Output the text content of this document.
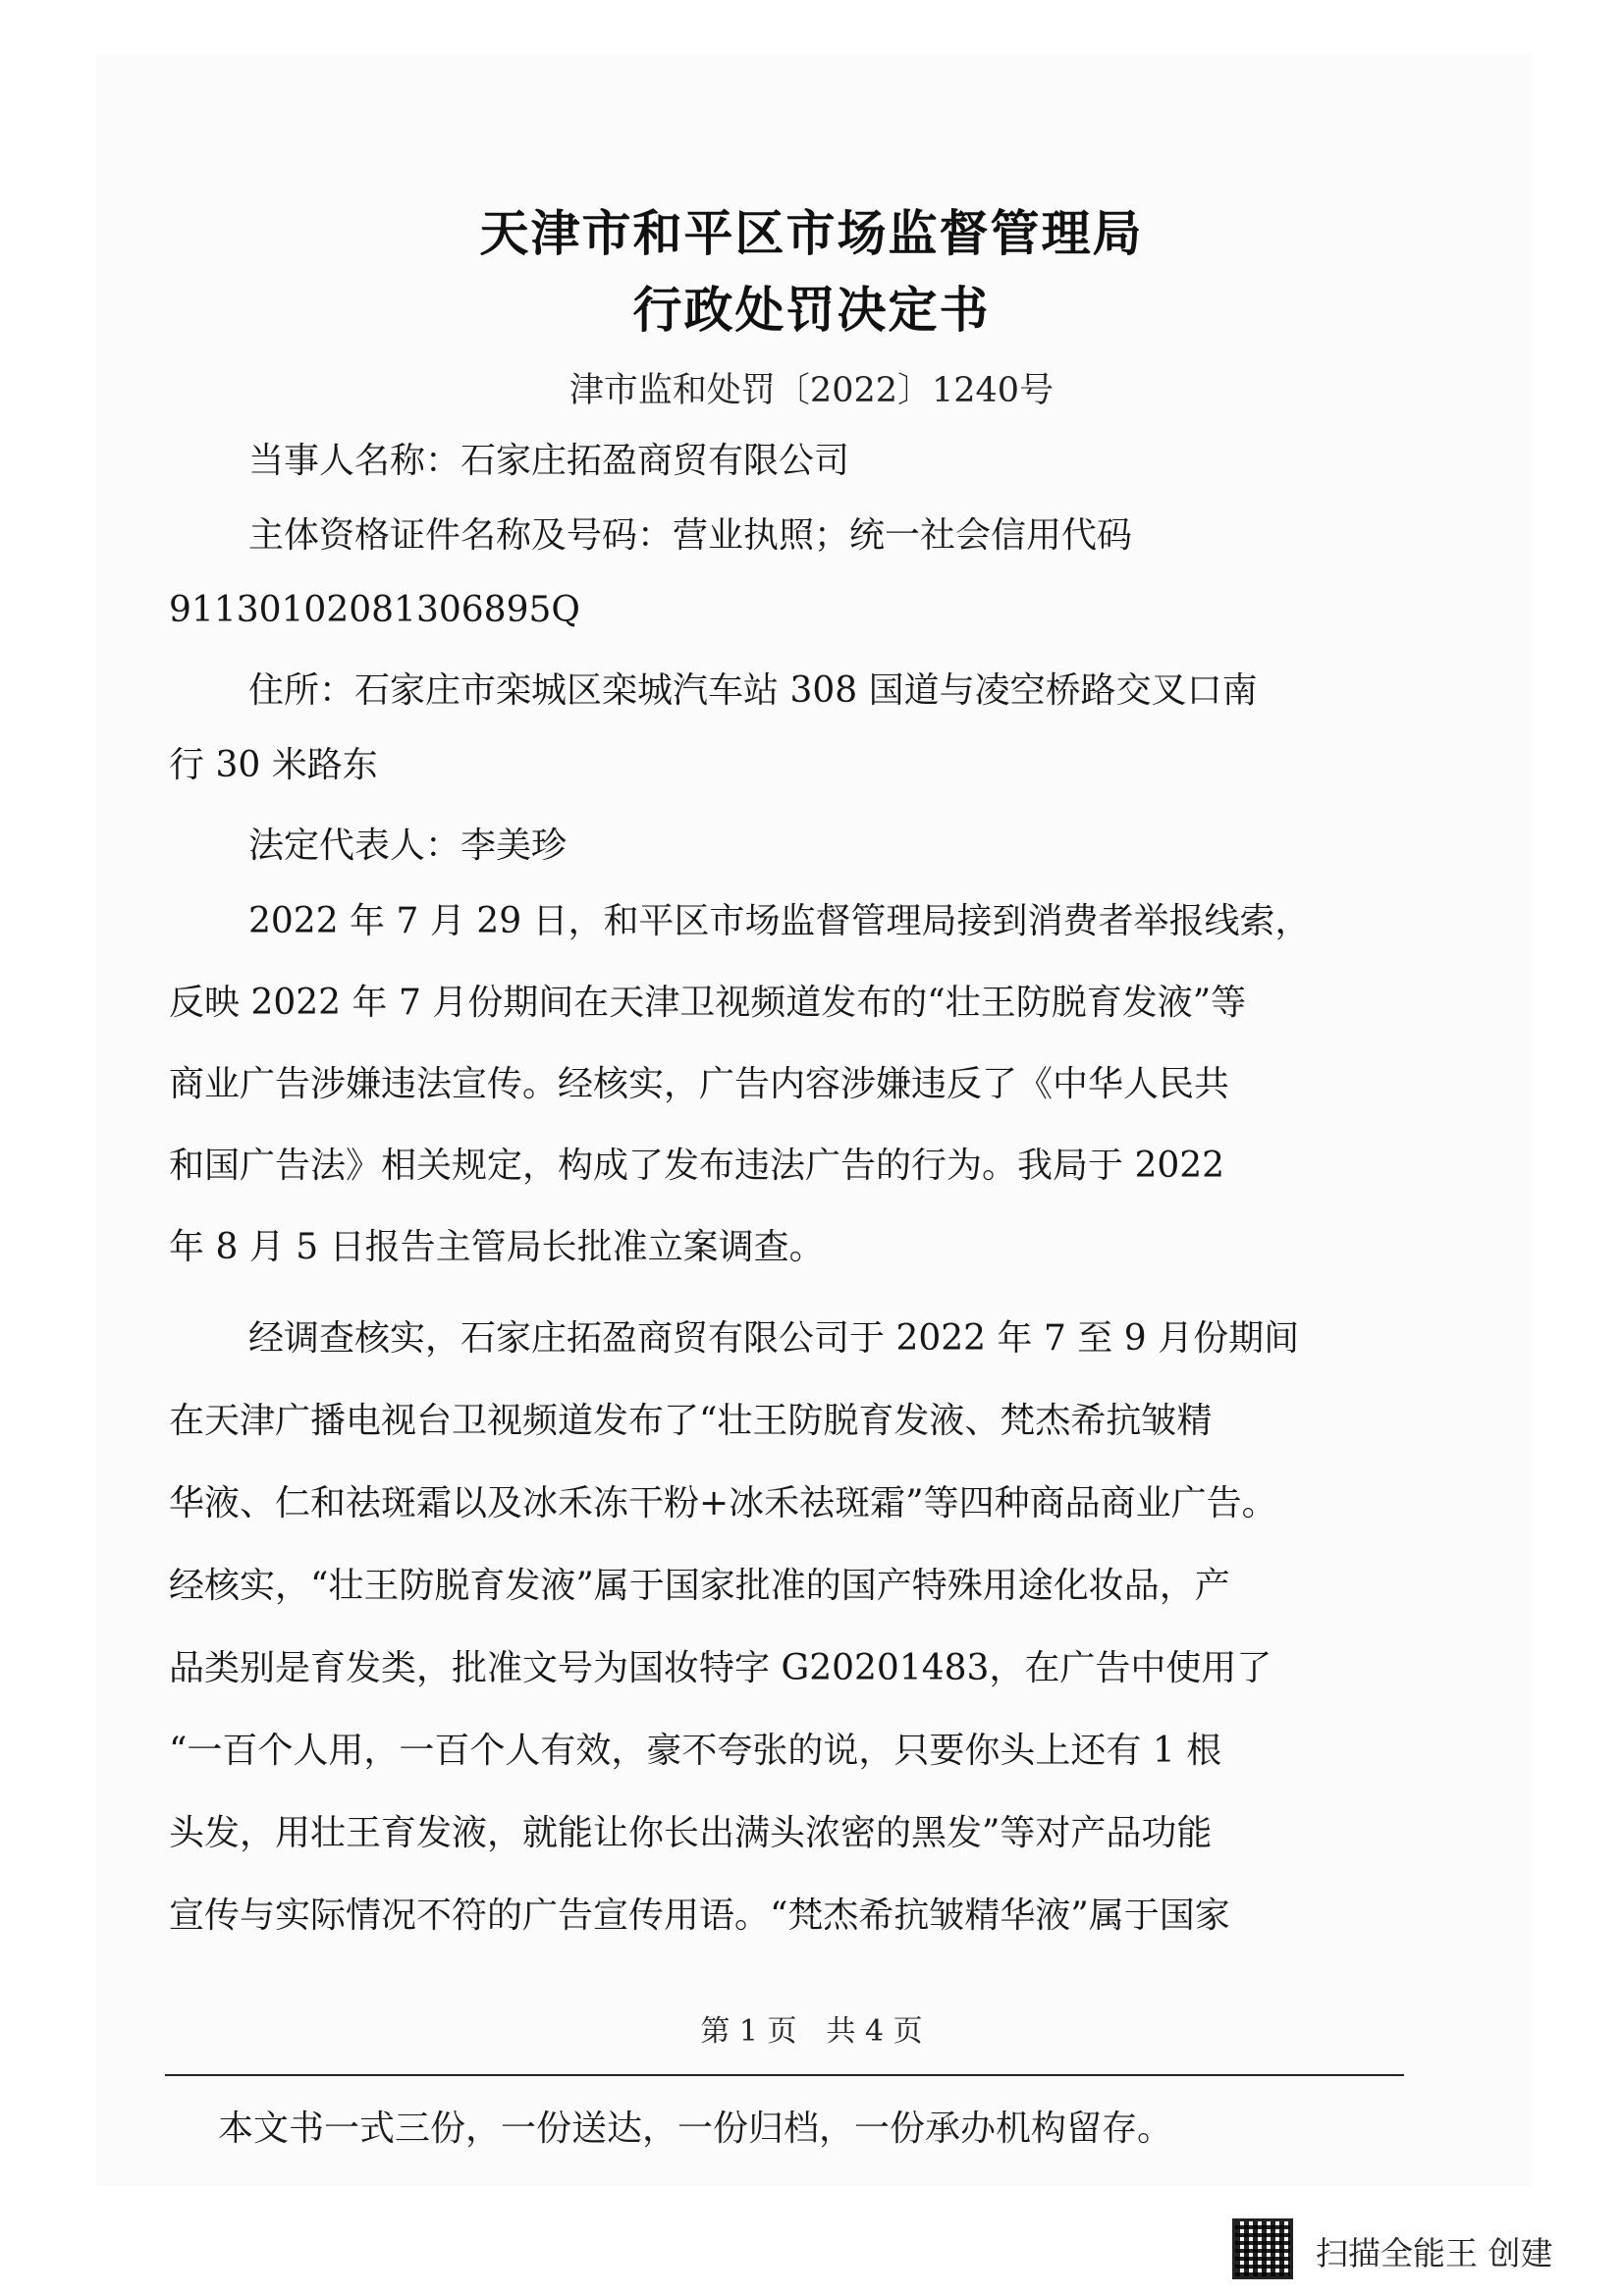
天津市和平区市场监督管理局
行政处罚决定书
津市监和处罚〔2022〕1240号
当事人名称：石家庄拓盈商贸有限公司
主体资格证件名称及号码：营业执照；统一社会信用代码
91130102081306895Q
住所：石家庄市栾城区栾城汽车站 308 国道与凌空桥路交叉口南
行 30 米路东
法定代表人：李美珍
2022 年 7 月 29 日，和平区市场监督管理局接到消费者举报线索，
反映 2022 年 7 月份期间在天津卫视频道发布的“壮王防脱育发液”等
商业广告涉嫌违法宣传。经核实，广告内容涉嫌违反了《中华人民共
和国广告法》相关规定，构成了发布违法广告的行为。我局于 2022
年 8 月 5 日报告主管局长批准立案调查。
经调查核实，石家庄拓盈商贸有限公司于 2022 年 7 至 9 月份期间
在天津广播电视台卫视频道发布了“壮王防脱育发液、梵杰希抗皱精
华液、仁和祛斑霜以及冰禾冻干粉+冰禾祛斑霜”等四种商品商业广告。
经核实，“壮王防脱育发液”属于国家批准的国产特殊用途化妆品，产
品类别是育发类，批准文号为国妆特字 G20201483，在广告中使用了
“一百个人用，一百个人有效，豪不夸张的说，只要你头上还有 1 根
头发，用壮王育发液，就能让你长出满头浓密的黑发”等对产品功能
宣传与实际情况不符的广告宣传用语。“梵杰希抗皱精华液”属于国家
第 1 页　共 4 页
本文书一式三份，一份送达，一份归档，一份承办机构留存。
扫描全能王 创建
